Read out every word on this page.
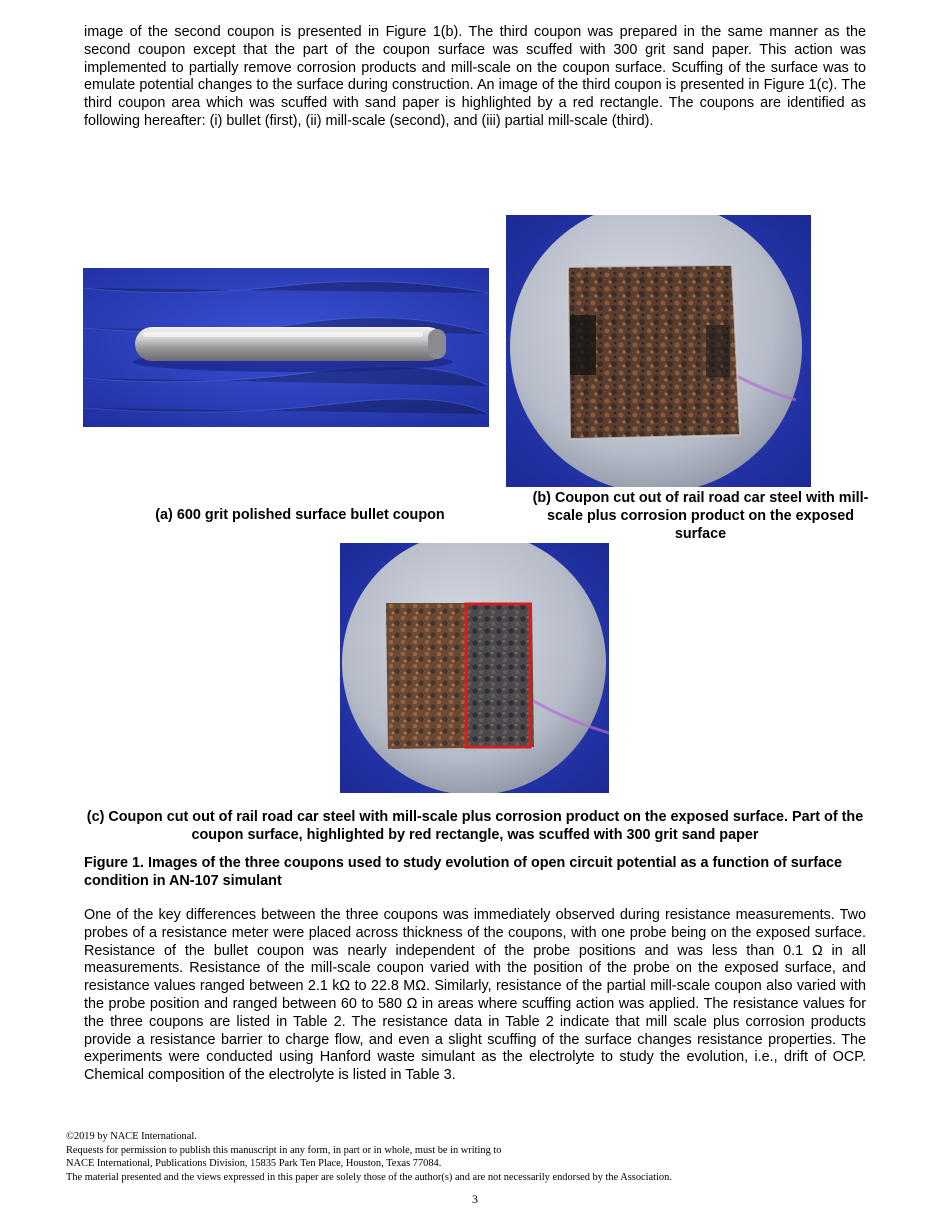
image of the second coupon is presented in Figure 1(b). The third coupon was prepared in the same manner as the second coupon except that the part of the coupon surface was scuffed with 300 grit sand paper. This action was implemented to partially remove corrosion products and mill-scale on the coupon surface. Scuffing of the surface was to emulate potential changes to the surface during construction. An image of the third coupon is presented in Figure 1(c). The third coupon area which was scuffed with sand paper is highlighted by a red rectangle. The coupons are identified as following hereafter: (i) bullet (first), (ii) mill-scale (second), and (iii) partial mill-scale (third).

(a) 600 grit polished surface bullet coupon

(b) Coupon cut out of rail road car steel with mill-scale plus corrosion product on the exposed surface

(c) Coupon cut out of rail road car steel with mill-scale plus corrosion product on the exposed surface. Part of the coupon surface, highlighted by red rectangle, was scuffed with 300 grit sand paper

Figure 1. Images of the three coupons used to study evolution of open circuit potential as a function of surface condition in AN-107 simulant

One of the key differences between the three coupons was immediately observed during resistance measurements. Two probes of a resistance meter were placed across thickness of the coupons, with one probe being on the exposed surface. Resistance of the bullet coupon was nearly independent of the probe positions and was less than 0.1 Ω in all measurements. Resistance of the mill-scale coupon varied with the position of the probe on the exposed surface, and resistance values ranged between 2.1 kΩ to 22.8 MΩ. Similarly, resistance of the partial mill-scale coupon also varied with the probe position and ranged between 60 to 580 Ω in areas where scuffing action was applied. The resistance values for the three coupons are listed in Table 2. The resistance data in Table 2 indicate that mill scale plus corrosion products provide a resistance barrier to charge flow, and even a slight scuffing of the surface changes resistance properties. The experiments were conducted using Hanford waste simulant as the electrolyte to study the evolution, i.e., drift of OCP. Chemical composition of the electrolyte is listed in Table 3.

©2019 by NACE International.
Requests for permission to publish this manuscript in any form, in part or in whole, must be in writing to
NACE International, Publications Division, 15835 Park Ten Place, Houston, Texas 77084.
The material presented and the views expressed in this paper are solely those of the author(s) and are not necessarily endorsed by the Association.
3
